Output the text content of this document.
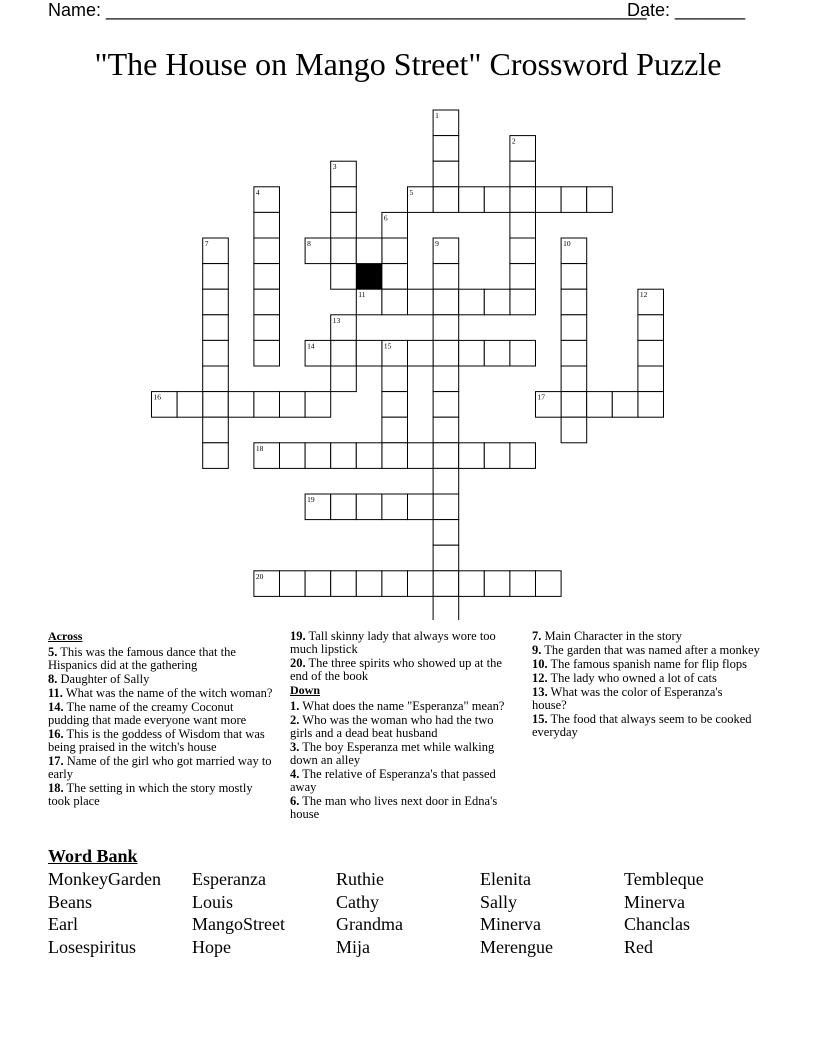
Name: ______________________________________________________
Date: _______
"The House on Mango Street" Crossword Puzzle
1
2
3
4	5
6
7	8	9	10
11	12
13
14	15
16	17
18
19
20
Across
5. This was the famous dance that the Hispanics did at the gathering
8. Daughter of Sally
11. What was the name of the witch woman?
14. The name of the creamy Coconut pudding that made everyone want more
16. This is the goddess of Wisdom that was being praised in the witch's house
17. Name of the girl who got married way to early
18. The setting in which the story mostly took place
19. Tall skinny lady that always wore too much lipstick
20. The three spirits who showed up at the end of the book
Down
1. What does the name "Esperanza" mean?
2. Who was the woman who had the two girls and a dead beat husband
3. The boy Esperanza met while walking down an alley
4. The relative of Esperanza's that passed away
6. The man who lives next door in Edna's house
7. Main Character in the story
9. The garden that was named after a monkey
10. The famous spanish name for flip flops
12. The lady who owned a lot of cats
13. What was the color of Esperanza's house?
15. The food that always seem to be cooked everyday
Word Bank
MonkeyGarden	Esperanza	Ruthie	Elenita	Tembleque
Beans	Louis	Cathy	Sally	Minerva
Earl	MangoStreet	Grandma	Minerva	Chanclas
Losespiritus	Hope	Mija	Merengue	Red
